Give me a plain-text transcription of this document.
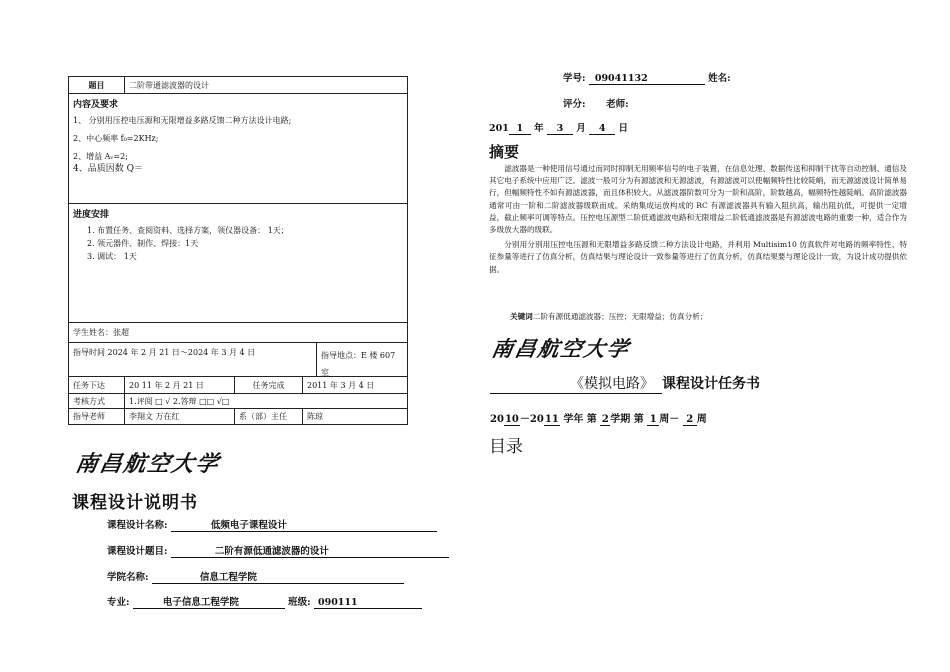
题目	二阶带通滤波器的设计
内容及要求
1、 分别用压控电压源和无限增益多路反馈二种方法设计电路;
2、中心频率 f₀=2KHz;
2、增益 Aᵥ=2;
4、品质因数 Q＝
进度安排
1. 布置任务、查阅资料、选择方案，领仪器设备： 1天；
2. 领元器件、制作、焊接：1天
3. 调试： 1天
学生姓名：张超
指导时间 2024 年 2 月 21 日～2024 年 3 月 4 日	指导地点：E 楼 607 室
任务下达	20 11 年 2 月 21 日	任务完成	2011 年 3 月 4 日
考核方式	1.评阅 □ √ 2.答辩 □□ √□
指导老师	李翔文 万在红	系（部）主任	陈琼
南昌航空大学
课程设计说明书
课程设计名称:	低频电子课程设计
课程设计题目:	二阶有源低通滤波器的设计
学院名称:	信息工程学院
专业:	电子信息工程学院	班级: 090111
学号: 09041132	姓名:
评分: 老师:
201 1 年 3 月 4 日
摘要

滤波器是一种使用信号通过而同时抑制无用频率信号的电子装置，在信息处理、数据传送和抑制干扰等自动控制、通信及其它电子系统中应用广泛。滤波一般可分为有源滤波和无源滤波，有源滤波可以使幅频特性比较陡峭，而无源滤波设计简单易行，但幅频特性不如有源滤波器，而且体积较大。从滤波器阶数可分为一阶和高阶，阶数越高，幅频特性越陡峭。高阶滤波器通常可由一阶和二阶滤波器级联而成。采纳集成运放构成的 RC 有源滤波器具有输入阻抗高，输出阻抗低，可提供一定增益，截止频率可调等特点。压控电压源型二阶低通滤波电路和无限增益二阶低通滤波器是有源滤波电路的重要一种，适合作为多级放大器的级联。

分别用分别用压控电压源和无限增益多路反馈二种方法设计电路，并利用 Multisim10 仿真软件对电路的频率特性、特征参量等进行了仿真分析，仿真结果与理论设计一致参量等进行了仿真分析，仿真结果要与理论设计一致，为设计成功提供依据。

关键词二阶有源低通滤波器；压控；无限增益；仿真分析；
南昌航空大学
《模拟电路》 课程设计任务书
2010－2011 学年 第 2 学期 第 1 周－ 2 周
目录
